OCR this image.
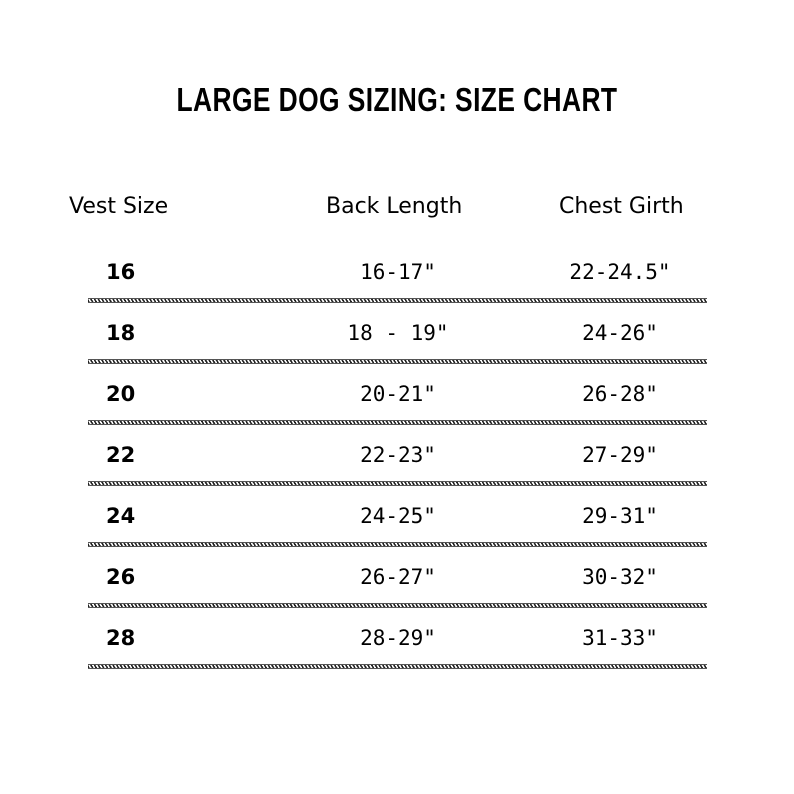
LARGE DOG SIZING: SIZE CHART
Vest Size	Back Length	Chest Girth
16	16-17"	22-24.5"
18	18 - 19"	24-26"
20	20-21"	26-28"
22	22-23"	27-29"
24	24-25"	29-31"
26	26-27"	30-32"
28	28-29"	31-33"
